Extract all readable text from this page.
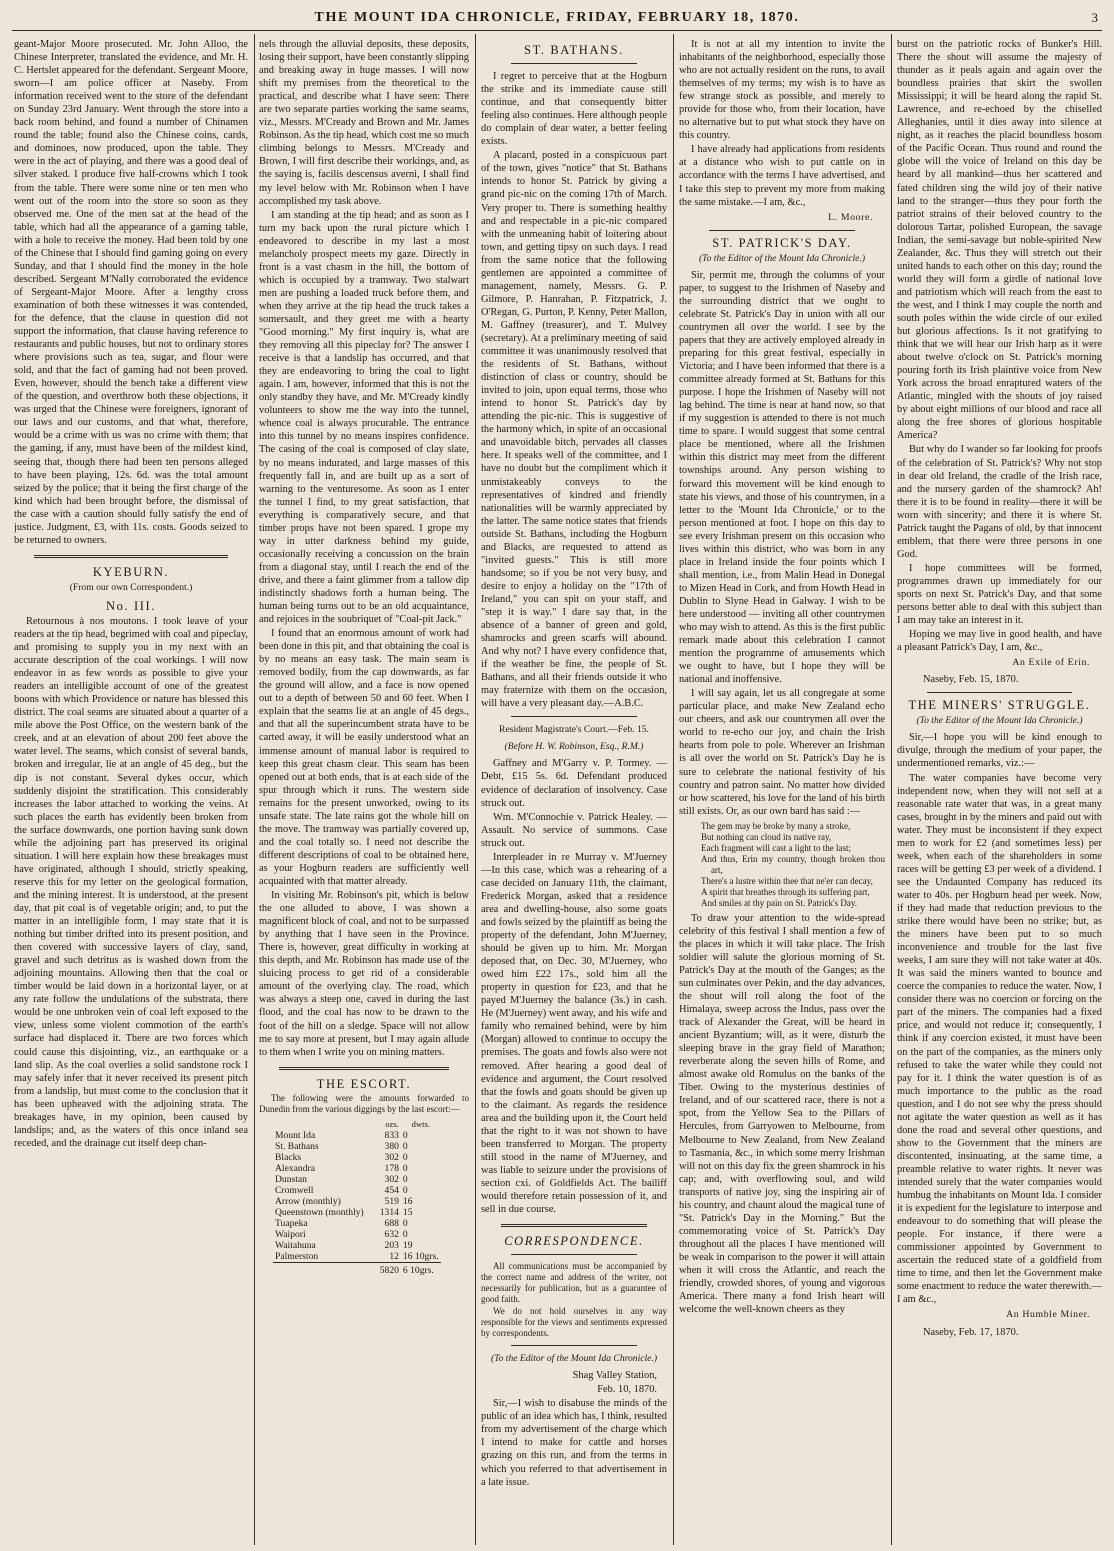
THE MOUNT IDA CHRONICLE, FRIDAY, FEBRUARY 18, 1870.	3

geant-Major Moore prosecuted. Mr. John Alloo, the Chinese Interpreter, translated the evidence, and Mr. H. C. Hertslet appeared for the defendant. Sergeant Moore, sworn—I am police officer at Naseby. From information received went to the store of the defendant on Sunday 23rd January. Went through the store into a back room behind, and found a number of Chinamen round the table; found also the Chinese coins, cards, and dominoes, now produced, upon the table. They were in the act of playing, and there was a good deal of silver staked. I produce five half-crowns which I took from the table. There were some nine or ten men who went out of the room into the store so soon as they observed me. One of the men sat at the head of the table, which had all the appearance of a gaming table, with a hole to receive the money. Had been told by one of the Chinese that I should find gaming going on every Sunday, and that I should find the money in the hole described. Sergeant M'Nally corroborated the evidence of Sergeant-Major Moore. After a lengthy cross examination of both these witnesses it was contended, for the defence, that the clause in question did not support the information, that clause having reference to restaurants and public houses, but not to ordinary stores where provisions such as tea, sugar, and flour were sold, and that the fact of gaming had not been proved. Even, however, should the bench take a different view of the question, and overthrow both these objections, it was urged that the Chinese were foreigners, ignorant of our laws and our customs, and that what, therefore, would be a crime with us was no crime with them; that the gaming, if any, must have been of the mildest kind, seeing that, though there had been ten persons alleged to have been playing, 12s. 6d. was the total amount seized by the police; that it being the first charge of the kind which had been brought before, the dismissal of the case with a caution should fully satisfy the end of justice. Judgment, £3, with 11s. costs. Goods seized to be returned to owners.

KYEBURN.
(From our own Correspondent.)
No. III.

Retournous à nos moutons. I took leave of your readers at the tip head, begrimed with coal and pipeclay, and promising to supply you in my next with an accurate description of the coal workings. I will now endeavor in as few words as possible to give your readers an intelligible account of one of the greatest boons with which Providence or nature has blessed this district. The coal seams are situated about a quarter of a mile above the Post Office, on the western bank of the creek, and at an elevation of about 200 feet above the water level. The seams, which consist of several bands, broken and irregular, lie at an angle of 45 deg., but the dip is not constant. Several dykes occur, which suddenly disjoint the stratification. This considerably increases the labor attached to working the veins. At such places the earth has evidently been broken from the surface downwards, one portion having sunk down while the adjoining part has preserved its original situation. I will here explain how these breakages must have originated, although I should, strictly speaking, reserve this for my letter on the geological formation, and the mining interest. It is understood, at the present day, that pit coal is of vegetable origin; and, to put the matter in an intelligible form, I may state that it is nothing but timber drifted into its present position, and then covered with successive layers of clay, sand, gravel and such detritus as is washed down from the adjoining mountains. Allowing then that the coal or timber would be laid down in a horizontal layer, or at any rate follow the undulations of the substrata, there would be one unbroken vein of coal left exposed to the view, unless some violent commotion of the earth's surface had displaced it. There are two forces which could cause this disjointing, viz., an earthquake or a land slip. As the coal overlies a solid sandstone rock I may safely infer that it never received its present pitch from a landslip, but must come to the conclusion that it has been upheaved with the adjoining strata. The breakages have, in my opinion, been caused by landslips; and, as the waters of this once inland sea receded, and the drainage cut itself deep chan-

nels through the alluvial deposits, these deposits, losing their support, have been constantly slipping and breaking away in huge masses. I will now shift my premises from the theoretical to the practical, and describe what I have seen: There are two separate parties working the same seams, viz., Messrs. M'Cready and Brown and Mr. James Robinson. As the tip head, which cost me so much climbing belongs to Messrs. M'Cready and Brown, I will first describe their workings, and, as the saying is, facilis descensus averni, I shall find my level below with Mr. Robinson when I have accomplished my task above.

I am standing at the tip head; and as soon as I turn my back upon the rural picture which I endeavored to describe in my last a most melancholy prospect meets my gaze. Directly in front is a vast chasm in the hill, the bottom of which is occupied by a tramway. Two stalwart men are pushing a loaded truck before them, and when they arrive at the tip head the truck takes a somersault, and they greet me with a hearty "Good morning." My first inquiry is, what are they removing all this pipeclay for? The answer I receive is that a landslip has occurred, and that they are endeavoring to bring the coal to light again. I am, however, informed that this is not the only standby they have, and Mr. M'Cready kindly volunteers to show me the way into the tunnel, whence coal is always procurable. The entrance into this tunnel by no means inspires confidence. The casing of the coal is composed of clay slate, by no means indurated, and large masses of this frequently fall in, and are built up as a sort of warning to the venturesome. As soon as I enter the tunnel I find, to my great satisfaction, that everything is comparatively secure, and that timber props have not been spared. I grope my way in utter darkness behind my guide, occasionally receiving a concussion on the brain from a diagonal stay, until I reach the end of the drive, and there a faint glimmer from a tallow dip indistinctly shadows forth a human being. The human being turns out to be an old acquaintance, and rejoices in the soubriquet of "Coal-pit Jack."

I found that an enormous amount of work had been done in this pit, and that obtaining the coal is by no means an easy task. The main seam is removed bodily, from the cap downwards, as far the ground will allow, and a face is now opened out to a depth of between 50 and 60 feet. When I explain that the seams lie at an angle of 45 degs., and that all the superincumbent strata have to be carted away, it will be easily understood what an immense amount of manual labor is required to keep this great chasm clear. This seam has been opened out at both ends, that is at each side of the spur through which it runs. The western side remains for the present unworked, owing to its unsafe state. The late rains got the whole hill on the move. The tramway was partially covered up, and the coal totally so. I need not describe the different descriptions of coal to be obtained here, as your Hogburn readers are sufficiently well acquainted with that matter already.

In visiting Mr. Robinson's pit, which is below the one alluded to above, I was shown a magnificent block of coal, and not to be surpassed by anything that I have seen in the Province. There is, however, great difficulty in working at this depth, and Mr. Robinson has made use of the sluicing process to get rid of a considerable amount of the overlying clay. The road, which was always a steep one, caved in during the last flood, and the coal has now to be drawn to the foot of the hill on a sledge. Space will not allow me to say more at present, but I may again allude to them when I write you on mining matters.

THE ESCORT.

The following were the amounts forwarded to Dunedin from the various diggings by the last escort:—

	ozs.	dwts.
Mount Ida	833	0
St. Bathans	380	0
Blacks	302	0
Alexandra	178	0
Dunstan	302	0
Cromwell	454	0
Arrow (monthly)	519	16
Queenstown (monthly)	1314	15
Tuapeka	688	0
Waipori	632	0
Waitahuna	203	19
Palmerston	12	16 10grs.
	5820	6 10grs.
ST. BATHANS.

I regret to perceive that at the Hogburn the strike and its immediate cause still continue, and that consequently bitter feeling also continues. Here although people do complain of dear water, a better feeling exists.

A placard, posted in a conspicuous part of the town, gives "notice" that St. Bathans intends to honor St. Patrick by giving a grand pic-nic on the coming 17th of March. Very proper to. There is something healthy and and respectable in a pic-nic compared with the unmeaning habit of loitering about town, and getting tipsy on such days. I read from the same notice that the following gentlemen are appointed a committee of management, namely, Messrs. G. P. Gilmore, P. Hanrahan, P. Fitzpatrick, J. O'Regan, G. Purton, P. Kenny, Peter Mallon, M. Gaffney (treasurer), and T. Mulvey (secretary). At a preliminary meeting of said committee it was unanimously resolved that the residents of St. Bathans, without distinction of class or country, should be invited to join, upon equal terms, those who intend to honor St. Patrick's day by attending the pic-nic. This is suggestive of the harmony which, in spite of an occasional and unavoidable bitch, pervades all classes here. It speaks well of the committee, and I have no doubt but the compliment which it unmistakeably conveys to the representatives of kindred and friendly nationalities will be warmly appreciated by the latter. The same notice states that friends outside St. Bathans, including the Hogburn and Blacks, are requested to attend as "invited guests." This is still more handsome; so if you be not very busy, and desire to enjoy a holiday on the "17th of Ireland," you can spit on your staff, and "step it is way." I dare say that, in the absence of a banner of green and gold, shamrocks and green scarfs will abound. And why not? I have every confidence that, if the weather be fine, the people of St. Bathans, and all their friends outside it who may fraternize with them on the occasion, will have a very pleasant day.—A.B.C.

Resident Magistrate's Court.—Feb. 15.
(Before H. W. Robinson, Esq., R.M.)

Gaffney and M'Garry v. P. Tormey. —Debt, £15 5s. 6d. Defendant produced evidence of declaration of insolvency. Case struck out.

Wm. M'Connochie v. Patrick Healey. —Assault. No service of summons. Case struck out.

Interpleader in re Murray v. M'Juerney —In this case, which was a rehearing of a case decided on January 11th, the claimant, Frederick Morgan, asked that a residence area and dwelling-house, also some goats and fowls seized by the plaintiff as being the property of the defendant, John M'Juerney, should be given up to him. Mr. Morgan deposed that, on Dec. 30, M'Juerney, who owed him £22 17s., sold him all the property in question for £23, and that he payed M'Juerney the balance (3s.) in cash. He (M'Juerney) went away, and his wife and family who remained behind, were by him (Morgan) allowed to continue to occupy the premises. The goats and fowls also were not removed. After hearing a good deal of evidence and argument, the Court resolved that the fowls and goats should be given up to the claimant. As regards the residence area and the building upon it, the Court held that the right to it was not shown to have been transferred to Morgan. The property still stood in the name of M'Juerney, and was liable to seizure under the provisions of section cxi. of Goldfields Act. The bailiff would therefore retain possession of it, and sell in due course.

CORRESPONDENCE.

All communications must be accompanied by the correct name and address of the writer, not necessarily for publication, but as a guarantee of good faith.

We do not hold ourselves in any way responsible for the views and sentiments expressed by correspondents.

(To the Editor of the Mount Ida Chronicle.)

Shag Valley Station,

Feb. 10, 1870.

Sir,—I wish to disabuse the minds of the public of an idea which has, I think, resulted from my advertisement of the charge which I intend to make for cattle and horses grazing on this run, and from the terms in which you referred to that advertisement in a late issue.

It is not at all my intention to invite the inhabitants of the neighborhood, especially those who are not actually resident on the runs, to avail themselves of my terms; my wish is to have as few strange stock as possible, and merely to provide for those who, from their location, have no alternative but to put what stock they have on this country.

I have already had applications from residents at a distance who wish to put cattle on in accordance with the terms I have advertised, and I take this step to prevent my more from making the same mistake.—I am, &c.,

L. Moore.
ST. PATRICK'S DAY.
(To the Editor of the Mount Ida Chronicle.)

Sir, permit me, through the columns of your paper, to suggest to the Irishmen of Naseby and the surrounding district that we ought to celebrate St. Patrick's Day in union with all our countrymen all over the world. I see by the papers that they are actively employed already in preparing for this great festival, especially in Victoria; and I have been informed that there is a committee already formed at St. Bathans for this purpose. I hope the Irishmen of Naseby will not lag behind. The time is near at hand now, so that if my suggestion is attended to there is not much time to spare. I would suggest that some central place be mentioned, where all the Irishmen within this district may meet from the different townships around. Any person wishing to forward this movement will be kind enough to state his views, and those of his countrymen, in a letter to the 'Mount Ida Chronicle,' or to the person mentioned at foot. I hope on this day to see every Irishman present on this occasion who lives within this district, who was born in any place in Ireland inside the four points which I shall mention, i.e., from Malin Head in Donegal to Mizen Head in Cork, and from Howth Head in Dublin to Slyne Head in Galway. I wish to be here understood — inviting all other countrymen who may wish to attend. As this is the first public remark made about this celebration I cannot mention the programme of amusements which we ought to have, but I hope they will be national and inoffensive.

I will say again, let us all congregate at some particular place, and make New Zealand echo our cheers, and ask our countrymen all over the world to re-echo our joy, and chain the Irish hearts from pole to pole. Wherever an Irishman is all over the world on St. Patrick's Day he is sure to celebrate the national festivity of his country and patron saint. No matter how divided or how scattered, his love for the land of his birth still exists. Or, as our own bard has said :—

The gem may be broke by many a stroke,
But nothing can cloud its native ray,
Each fragment will cast a light to the last;
And thus, Erin my country, though broken thou art,
There's a lustre within thee that ne'er can decay,
A spirit that breathes through its suffering part,
And smiles at thy pain on St. Patrick's Day.

To draw your attention to the wide-spread celebrity of this festival I shall mention a few of the places in which it will take place. The Irish soldier will salute the glorious morning of St. Patrick's Day at the mouth of the Ganges; as the sun culminates over Pekin, and the day advances, the shout will roll along the foot of the Himalaya, sweep across the Indus, pass over the track of Alexander the Great, will be heard in ancient Byzantium; will, as it were, disturb the sleeping brave in the gray field of Marathon; reverberate along the seven hills of Rome, and almost awake old Romulus on the banks of the Tiber. Owing to the mysterious destinies of Ireland, and of our scattered race, there is not a spot, from the Yellow Sea to the Pillars of Hercules, from Garryowen to Melbourne, from Melbourne to New Zealand, from New Zealand to Tasmania, &c., in which some merry Irishman will not on this day fix the green shamrock in his cap; and, with overflowing soul, and wild transports of native joy, sing the inspiring air of his country, and chaunt aloud the magical tune of "St. Patrick's Day in the Morning." But the commemorating voice of St. Patrick's Day throughout all the places I have mentioned will be weak in comparison to the power it will attain when it will cross the Atlantic, and reach the friendly, crowded shores, of young and vigorous America. There many a fond Irish heart will welcome the well-known cheers as they

burst on the patriotic rocks of Bunker's Hill. There the shout will assume the majesty of thunder as it peals again and again over the boundless prairies that skirt the swollen Mississippi; it will be heard along the rapid St. Lawrence, and re-echoed by the chiselled Alleghanies, until it dies away into silence at night, as it reaches the placid boundless bosom of the Pacific Ocean. Thus round and round the globe will the voice of Ireland on this day be heard by all mankind—thus her scattered and fated children sing the wild joy of their native land to the stranger—thus they pour forth the patriot strains of their beloved country to the dolorous Tartar, polished European, the savage Indian, the semi-savage but noble-spirited New Zealander, &c. Thus they will stretch out their united hands to each other on this day; round the world they will form a girdle of national love and patriotism which will reach from the east to the west, and I think I may couple the north and south poles within the wide circle of our exiled but glorious affections. Is it not gratifying to think that we will hear our Irish harp as it were about twelve o'clock on St. Patrick's morning pouring forth its Irish plaintive voice from New York across the broad enraptured waters of the Atlantic, mingled with the shouts of joy raised by about eight millions of our blood and race all along the free shores of glorious hospitable America?

But why do I wander so far looking for proofs of the celebration of St. Patrick's? Why not stop in dear old Ireland, the cradle of the Irish race, and the nursery garden of the shamrock? Ah! there it is to be found in reality—there it will be worn with sincerity; and there it is where St. Patrick taught the Pagans of old, by that innocent emblem, that there were three persons in one God.

I hope committees will be formed, programmes drawn up immediately for our sports on next St. Patrick's Day, and that some persons better able to deal with this subject than I am may take an interest in it.

Hoping we may live in good health, and have a pleasant Patrick's Day, I am, &c.,

An Exile of Erin.

Naseby, Feb. 15, 1870.

THE MINERS' STRUGGLE.
(To the Editor of the Mount Ida Chronicle.)

Sir,—I hope you will be kind enough to divulge, through the medium of your paper, the undermentioned remarks, viz.:—

The water companies have become very independent now, when they will not sell at a reasonable rate water that was, in a great many cases, brought in by the miners and paid out with water. They must be inconsistent if they expect men to work for £2 (and sometimes less) per week, when each of the shareholders in some races will be getting £3 per week of a dividend. I see the Undaunted Company has reduced its water to 40s. per Hogburn head per week. Now, if they had made that reduction previous to the strike there would have been no strike; but, as the miners have been put to so much inconvenience and trouble for the last five weeks, I am sure they will not take water at 40s. It was said the miners wanted to bounce and coerce the companies to reduce the water. Now, I consider there was no coercion or forcing on the part of the miners. The companies had a fixed price, and would not reduce it; consequently, I think if any coercion existed, it must have been on the part of the companies, as the miners only refused to take the water while they could not pay for it. I think the water question is of as much importance to the public as the road question, and I do not see why the press should not agitate the water question as well as it has done the road and several other questions, and show to the Government that the miners are discontented, insinuating, at the same time, a preamble relative to water rights. It never was intended surely that the water companies would humbug the inhabitants on Mount Ida. I consider it is expedient for the legislature to interpose and endeavour to do something that will please the people. For instance, if there were a commissioner appointed by Government to ascertain the reduced state of a goldfield from time to time, and then let the Government make some enactment to reduce the water therewith.—I am &c.,

An Humble Miner.

Naseby, Feb. 17, 1870.
